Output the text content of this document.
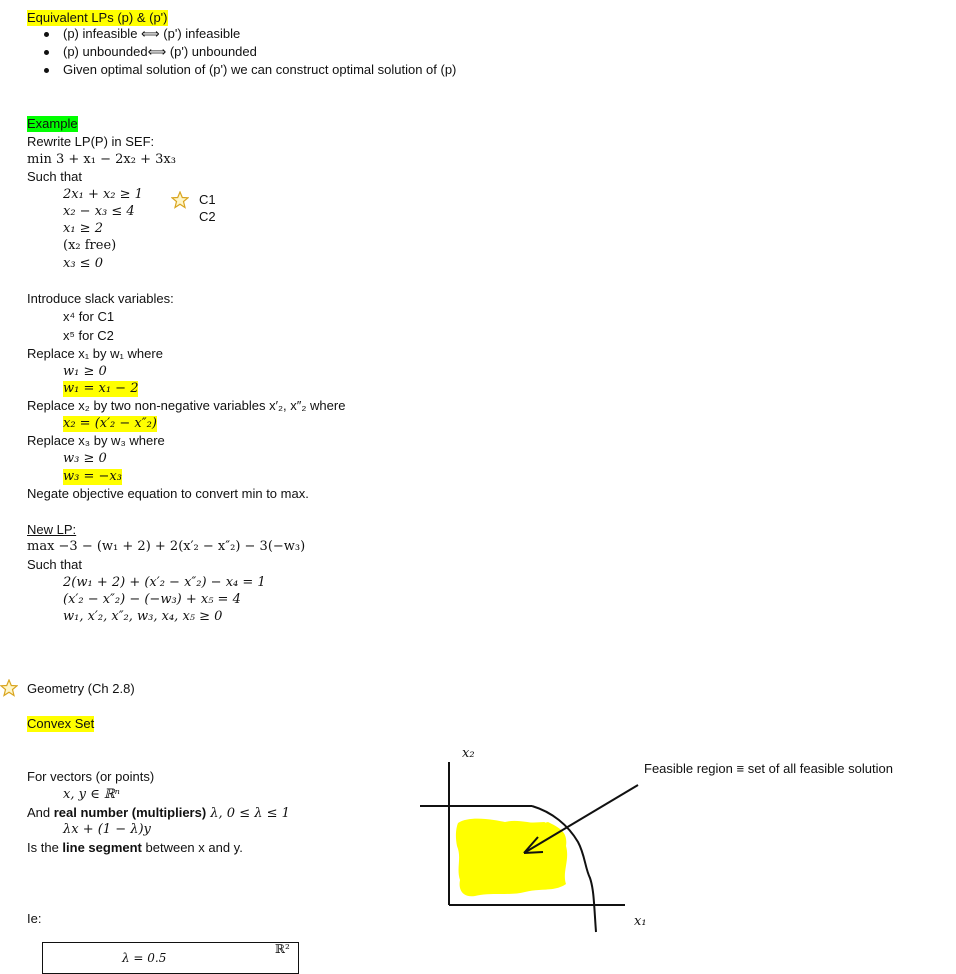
Equivalent LPs (p) & (p')
(p) infeasible ⟺ (p') infeasible
(p) unbounded⟺ (p') unbounded
Given optimal solution of (p') we can construct optimal solution of (p)
Example
Rewrite LP(P) in SEF:
min 3 + x₁ − 2x₂ + 3x₃
Such that
2x₁ + x₂ ≥ 1
x₂ − x₃ ≤ 4
x₁ ≥ 2
(x₂ free)
x₃ ≤ 0
C1
C2
Introduce slack variables:
x⁴ for C1
x⁵ for C2
Replace x₁ by w₁ where
w₁ ≥ 0
w₁ = x₁ − 2
Replace x₂ by two non-negative variables x′₂, x″₂ where
x₂ = (x′₂ − x″₂)
Replace x₃ by w₃ where
w₃ ≥ 0
w₃ = −x₃
Negate objective equation to convert min to max.
New LP:
max −3 − (w₁ + 2) + 2(x′₂ − x″₂) − 3(−w₃)
Such that
2(w₁ + 2) + (x′₂ − x″₂) − x₄ = 1
(x′₂ − x″₂) − (−w₃) + x₅ = 4
w₁, x′₂, x″₂, w₃, x₄, x₅ ≥ 0
Geometry (Ch 2.8)
Convex Set
For vectors (or points)
x, y ∈ ℝⁿ
And real number (multipliers) λ, 0 ≤ λ ≤ 1
λx + (1 − λ)y
Is the line segment between x and y.
Ie:
ℝ²
λ = 0.5
x₂
x₁
Feasible region ≡ set of all feasible solution
